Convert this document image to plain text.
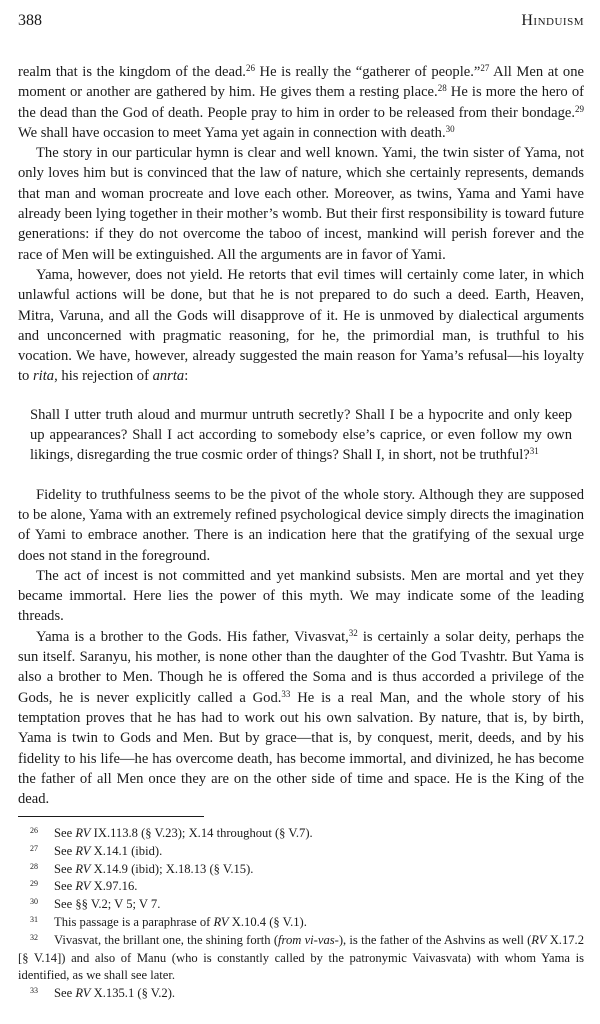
388	Hinduism

realm that is the kingdom of the dead.$^{26}$ He is really the “gatherer of people.”$^{27}$ All Men at one moment or another are gathered by him. He gives them a resting place.$^{28}$ He is more the hero of the dead than the God of death. People pray to him in order to be released from their bondage.$^{29}$ We shall have occasion to meet Yama yet again in connection with death.$^{30}$

The story in our particular hymn is clear and well known. Yami, the twin sister of Yama, not only loves him but is convinced that the law of nature, which she certainly represents, demands that man and woman procreate and love each other. Moreover, as twins, Yama and Yami have already been lying together in their mother’s womb. But their first responsibility is toward future generations: if they do not overcome the taboo of incest, mankind will perish forever and the race of Men will be extinguished. All the arguments are in favor of Yami.

Yama, however, does not yield. He retorts that evil times will certainly come later, in which unlawful actions will be done, but that he is not prepared to do such a deed. Earth, Heaven, Mitra, Varuna, and all the Gods will disapprove of it. He is unmoved by dialectical arguments and unconcerned with pragmatic reasoning, for he, the primordial man, is truthful to his vocation. We have, however, already suggested the main reason for Yama’s refusal—his loyalty to rita, his rejection of anrta:

Shall I utter truth aloud and murmur untruth secretly? Shall I be a hypocrite and only keep up appearances? Shall I act according to somebody else’s caprice, or even follow my own likings, disregarding the true cosmic order of things? Shall I, in short, not be truthful?$^{31}$

Fidelity to truthfulness seems to be the pivot of the whole story. Although they are supposed to be alone, Yama with an extremely refined psychological device simply directs the imagination of Yami to embrace another. There is an indication here that the gratifying of the sexual urge does not stand in the foreground.

The act of incest is not committed and yet mankind subsists. Men are mortal and yet they became immortal. Here lies the power of this myth. We may indicate some of the leading threads.

Yama is a brother to the Gods. His father, Vivasvat,$^{32}$ is certainly a solar deity, perhaps the sun itself. Saranyu, his mother, is none other than the daughter of the God Tvashtr. But Yama is also a brother to Men. Though he is offered the Soma and is thus accorded a privilege of the Gods, he is never explicitly called a God.$^{33}$ He is a real Man, and the whole story of his temptation proves that he has had to work out his own salvation. By nature, that is, by birth, Yama is twin to Gods and Men. But by grace—that is, by conquest, merit, deeds, and by his fidelity to his life—he has overcome death, has become immortal, and divinized, he has become the father of all Men once they are on the other side of time and space. He is the King of the dead.

$^{26}$ See RV IX.113.8 (§ V.23); X.14 throughout (§ V.7).

$^{27}$ See RV X.14.1 (ibid).

$^{28}$ See RV X.14.9 (ibid); X.18.13 (§ V.15).

$^{29}$ See RV X.97.16.

$^{30}$ See §§ V.2; V 5; V 7.

$^{31}$ This passage is a paraphrase of RV X.10.4 (§ V.1).

$^{32}$ Vivasvat, the brillant one, the shining forth (from vi-vas-), is the father of the Ashvins as well (RV X.17.2 [§ V.14]) and also of Manu (who is constantly called by the patronymic Vaivasvata) with whom Yama is identified, as we shall see later.

$^{33}$ See RV X.135.1 (§ V.2).
